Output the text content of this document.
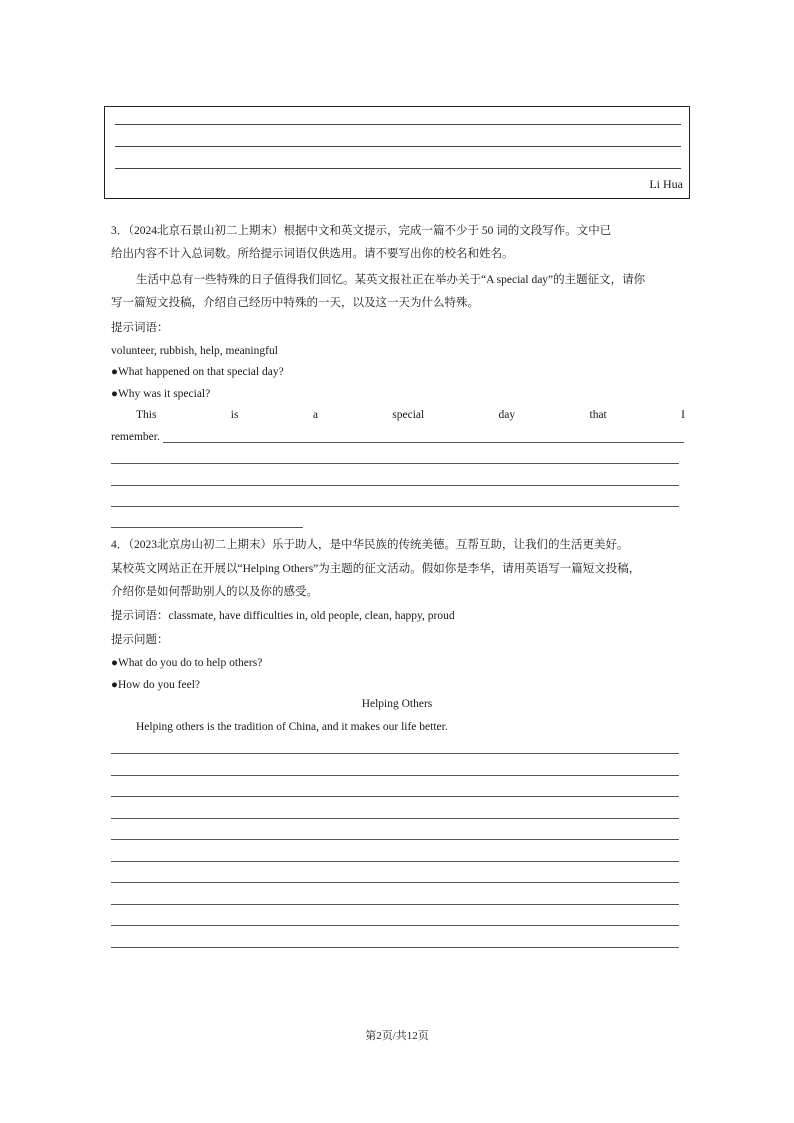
Li Hua
3．（2024北京石景山初二上期末）根据中文和英文提示，完成一篇不少于 50 词的文段写作。文中已
给出内容不计入总词数。所给提示词语仅供选用。请不要写出你的校名和姓名。
生活中总有一些特殊的日子值得我们回忆。某英文报社正在举办关于“A special day”的主题征文，请你
写一篇短文投稿，介绍自己经历中特殊的一天，以及这一天为什么特殊。
提示词语：
volunteer, rubbish, help, meaningful
●What happened on that special day?
●Why was it special?
This	is	a	special	day	that	I
remember.
4．（2023北京房山初二上期末）乐于助人，是中华民族的传统美德。互帮互助，让我们的生活更美好。
某校英文网站正在开展以“Helping Others”为主题的征文活动。假如你是李华，请用英语写一篇短文投稿，
介绍你是如何帮助别人的以及你的感受。
提示词语：classmate, have difficulties in, old people, clean, happy, proud
提示问题：
●What do you do to help others?
●How do you feel?
Helping Others
Helping others is the tradition of China, and it makes our life better.
第2页/共12页
